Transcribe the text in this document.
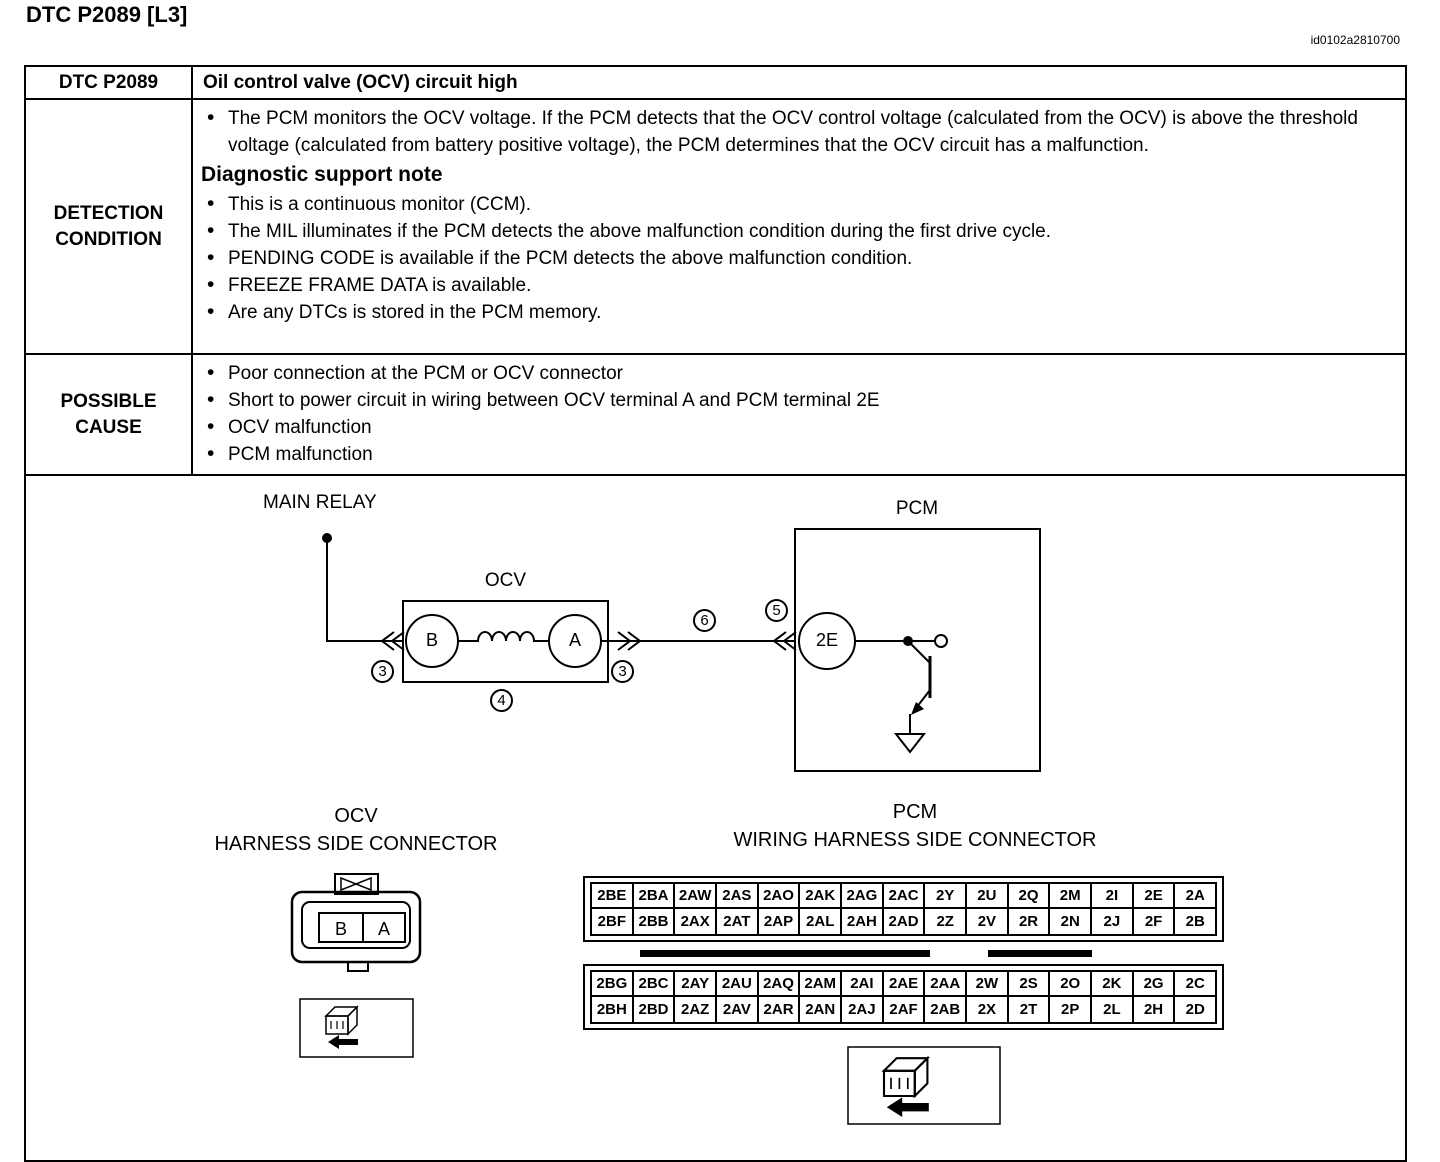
DTC P2089 [L3]
id0102a2810700
DTC P2089	Oil control valve (OCV) circuit high
DETECTION CONDITION
• The PCM monitors the OCV voltage. If the PCM detects that the OCV control voltage (calculated from the OCV) is above the threshold voltage (calculated from battery positive voltage), the PCM determines that the OCV circuit has a malfunction.
Diagnostic support note
• This is a continuous monitor (CCM).
• The MIL illuminates if the PCM detects the above malfunction condition during the first drive cycle.
• PENDING CODE is available if the PCM detects the above malfunction condition.
• FREEZE FRAME DATA is available.
• Are any DTCs is stored in the PCM memory.
POSSIBLE CAUSE
• Poor connection at the PCM or OCV connector
• Short to power circuit in wiring between OCV terminal A and PCM terminal 2E
• OCV malfunction
• PCM malfunction
MAIN RELAY
OCV
PCM
B	A	2E
3	3
4
5
6
OCV
HARNESS SIDE CONNECTOR
B	A
PCM
WIRING HARNESS SIDE CONNECTOR
2BE 2BA 2AW 2AS 2AO 2AK 2AG 2AC	2Y	2U	2Q	2M	2I	2E	2A
2BF 2BB 2AX 2AT 2AP 2AL 2AH 2AD	2Z	2V	2R	2N	2J	2F	2B
2BG 2BC 2AY 2AU 2AQ 2AM 2AI	2AE 2AA	2W	2S	2O	2K	2G	2C
2BH 2BD 2AZ 2AV 2AR 2AN 2AJ 2AF 2AB	2X	2T	2P	2L	2H	2D
